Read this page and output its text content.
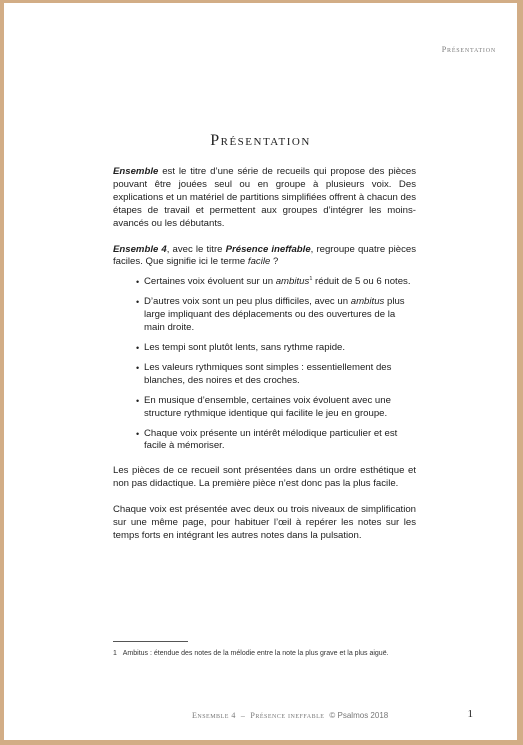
Présentation
Présentation

Ensemble est le titre d’une série de recueils qui propose des pièces pouvant être jouées seul ou en groupe à plusieurs voix. Des explications et un matériel de partitions simplifiées offrent à chacun des étapes de travail et permettent aux groupes d’intégrer les moins-avancés ou les débutants.

Ensemble 4, avec le titre Présence ineffable, regroupe quatre pièces faciles. Que signifie ici le terme facile ?

• Certaines voix évoluent sur un ambitus$^1$ réduit de 5 ou 6 notes.
• D’autres voix sont un peu plus difficiles, avec un ambitus plus large impliquant des déplacements ou des ouvertures de la main droite.
• Les tempi sont plutôt lents, sans rythme rapide.
• Les valeurs rythmiques sont simples : essentiellement des blanches, des noires et des croches.
• En musique d’ensemble, certaines voix évoluent avec une structure rythmique identique qui facilite le jeu en groupe.
• Chaque voix présente un intérêt mélodique particulier et est facile à mémoriser.

Les pièces de ce recueil sont présentées dans un ordre esthétique et non pas didactique. La première pièce n’est donc pas la plus facile.

Chaque voix est présentée avec deux ou trois niveaux de simplification sur une même page, pour habituer l’œil à repérer les notes sur les temps forts en intégrant les autres notes dans la pulsation.

1 Ambitus : étendue des notes de la mélodie entre la note la plus grave et la plus aiguë.
Ensemble 4 – Présence ineffable © Psalmos 2018	1
